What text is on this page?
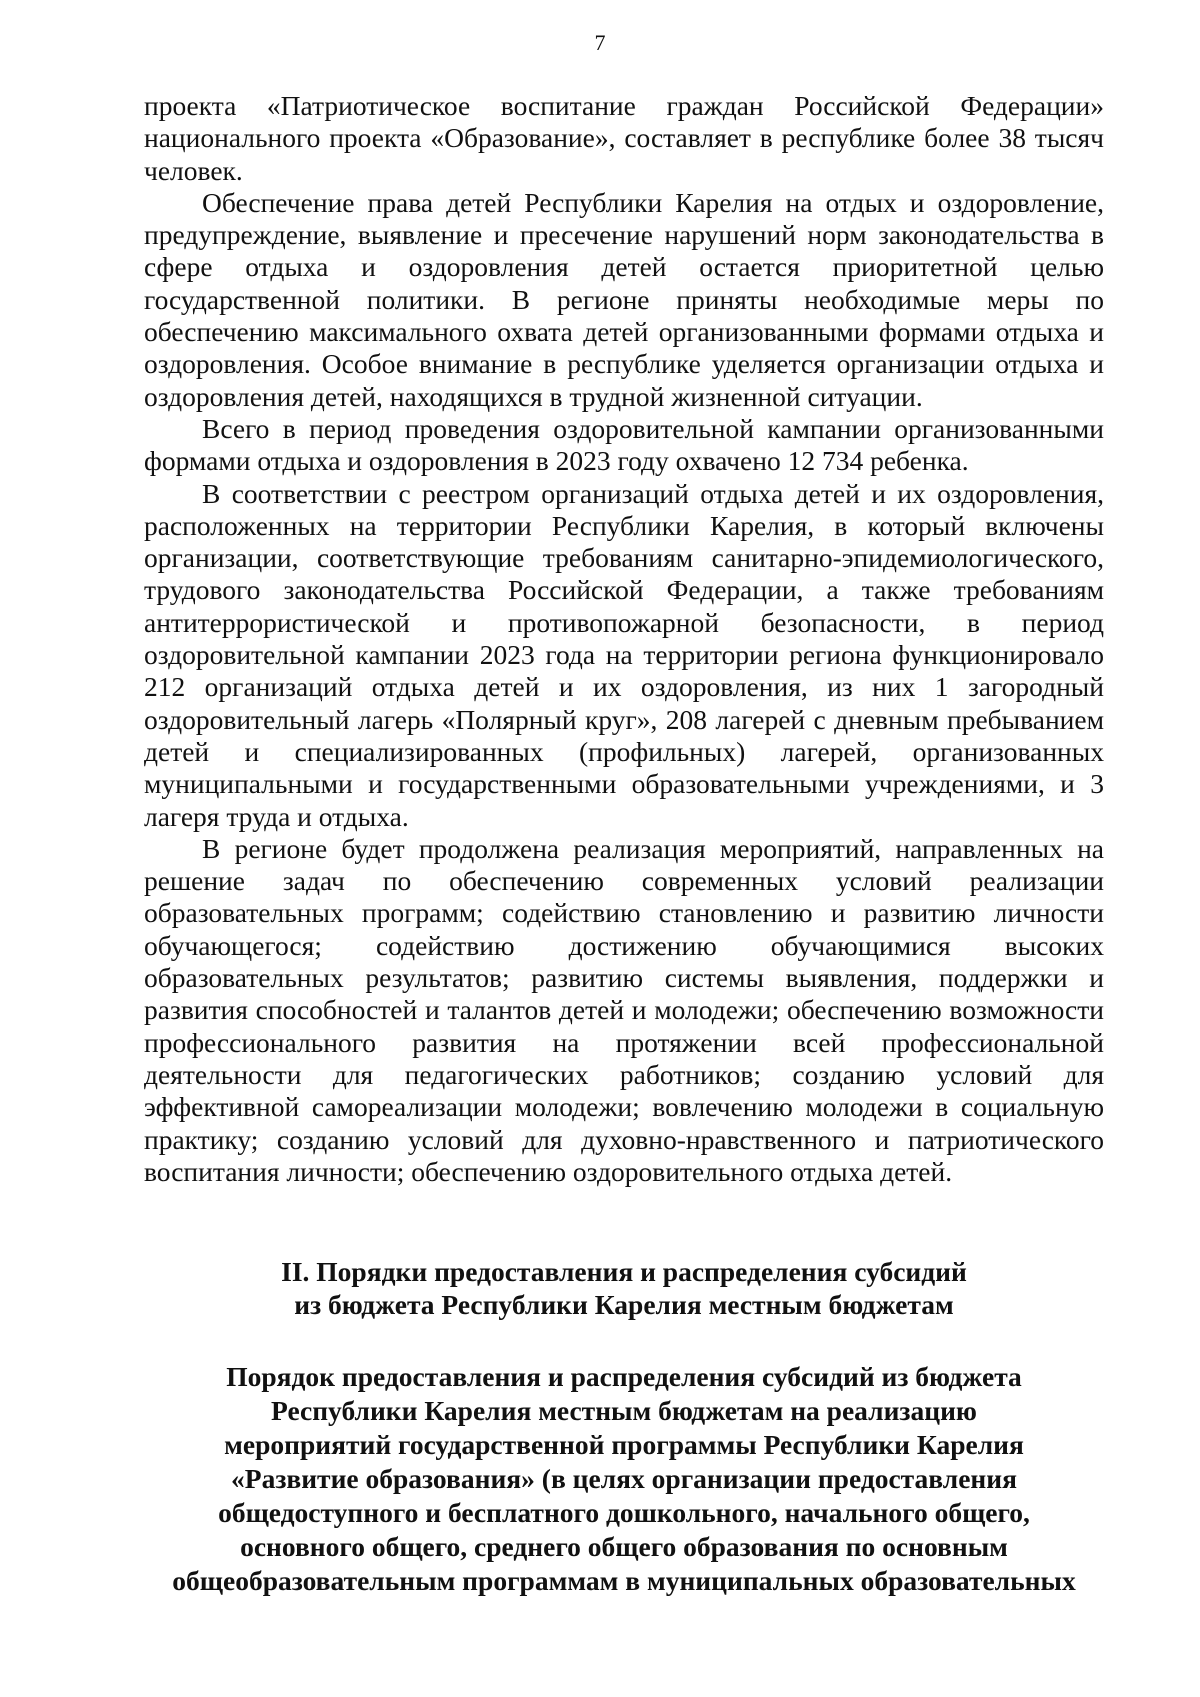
7

проекта «Патриотическое воспитание граждан Российской Федерации» национального проекта «Образование», составляет в республике более 38 тысяч человек.

Обеспечение права детей Республики Карелия на отдых и оздоровление, предупреждение, выявление и пресечение нарушений норм законодательства в сфере отдыха и оздоровления детей остается приоритетной целью государственной политики. В регионе приняты необходимые меры по обеспечению максимального охвата детей организованными формами отдыха и оздоровления. Особое внимание в республике уделяется организации отдыха и оздоровления детей, находящихся в трудной жизненной ситуации.

Всего в период проведения оздоровительной кампании организованными формами отдыха и оздоровления в 2023 году охвачено 12 734 ребенка.

В соответствии с реестром организаций отдыха детей и их оздоровления, расположенных на территории Республики Карелия, в который включены организации, соответствующие требованиям санитарно-эпидемиологического, трудового законодательства Российской Федерации, а также требованиям антитеррористической и противопожарной безопасности, в период оздоровительной кампании 2023 года на территории региона функционировало 212 организаций отдыха детей и их оздоровления, из них 1 загородный оздоровительный лагерь «Полярный круг», 208 лагерей с дневным пребыванием детей и специализированных (профильных) лагерей, организованных муниципальными и государственными образовательными учреждениями, и 3 лагеря труда и отдыха.

В регионе будет продолжена реализация мероприятий, направленных на решение задач по обеспечению современных условий реализации образовательных программ; содействию становлению и развитию личности обучающегося; содействию достижению обучающимися высоких образовательных результатов; развитию системы выявления, поддержки и развития способностей и талантов детей и молодежи; обеспечению возможности профессионального развития на протяжении всей профессиональной деятельности для педагогических работников; созданию условий для эффективной самореализации молодежи; вовлечению молодежи в социальную практику; созданию условий для духовно-нравственного и патриотического воспитания личности; обеспечению оздоровительного отдыха детей.

II. Порядки предоставления и распределения субсидий
из бюджета Республики Карелия местным бюджетам
Порядок предоставления и распределения субсидий из бюджета
Республики Карелия местным бюджетам на реализацию
мероприятий государственной программы Республики Карелия
«Развитие образования» (в целях организации предоставления
общедоступного и бесплатного дошкольного, начального общего,
основного общего, среднего общего образования по основным
общеобразовательным программам в муниципальных образовательных
